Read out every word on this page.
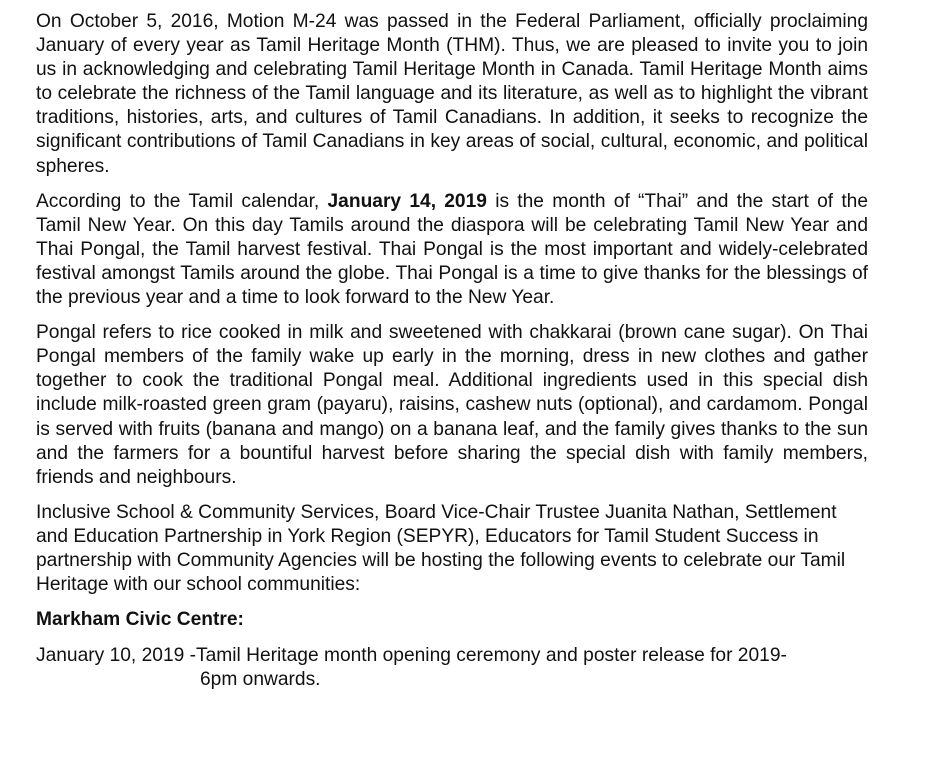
On October 5, 2016, Motion M-24 was passed in the Federal Parliament, officially proclaiming January of every year as Tamil Heritage Month (THM). Thus, we are pleased to invite you to join us in acknowledging and celebrating Tamil Heritage Month in Canada. Tamil Heritage Month aims to celebrate the richness of the Tamil language and its literature, as well as to highlight the vibrant traditions, histories, arts, and cultures of Tamil Canadians. In addition, it seeks to recognize the significant contributions of Tamil Canadians in key areas of social, cultural, economic, and political spheres.

According to the Tamil calendar, January 14, 2019 is the month of “Thai” and the start of the Tamil New Year. On this day Tamils around the diaspora will be celebrating Tamil New Year and Thai Pongal, the Tamil harvest festival. Thai Pongal is the most important and widely-celebrated festival amongst Tamils around the globe. Thai Pongal is a time to give thanks for the blessings of the previous year and a time to look forward to the New Year.

Pongal refers to rice cooked in milk and sweetened with chakkarai (brown cane sugar). On Thai Pongal members of the family wake up early in the morning, dress in new clothes and gather together to cook the traditional Pongal meal. Additional ingredients used in this special dish include milk-roasted green gram (payaru), raisins, cashew nuts (optional), and cardamom. Pongal is served with fruits (banana and mango) on a banana leaf, and the family gives thanks to the sun and the farmers for a bountiful harvest before sharing the special dish with family members, friends and neighbours.

Inclusive School & Community Services, Board Vice-Chair Trustee Juanita Nathan, Settlement and Education Partnership in York Region (SEPYR), Educators for Tamil Student Success in partnership with Community Agencies will be hosting the following events to celebrate our Tamil Heritage with our school communities:

Markham Civic Centre:

January 10, 2019 -Tamil Heritage month opening ceremony and poster release for 2019-

6pm onwards.
